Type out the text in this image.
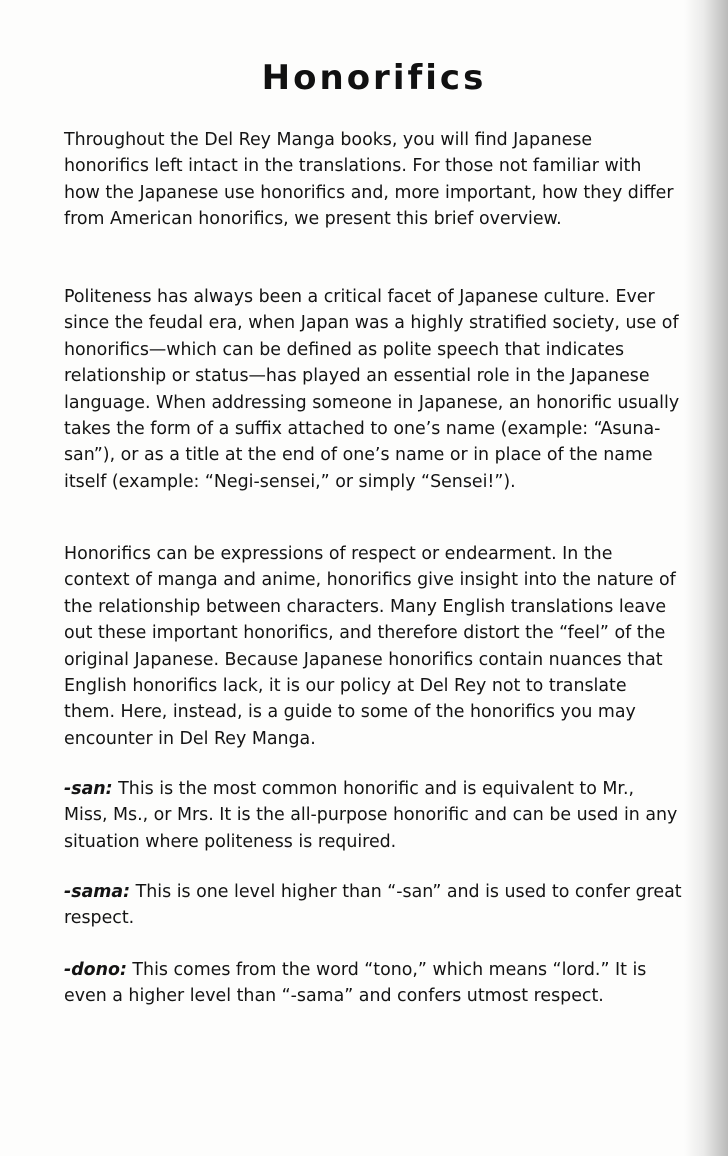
Honorifics

Throughout the Del Rey Manga books, you will find Japanese honorifics left intact in the translations. For those not familiar with how the Japanese use honorifics and, more important, how they differ from American honorifics, we present this brief overview.

Politeness has always been a critical facet of Japanese culture. Ever since the feudal era, when Japan was a highly stratified society, use of honorifics—which can be defined as polite speech that indicates relationship or status—has played an essential role in the Japanese language. When addressing someone in Japanese, an honorific usually takes the form of a suffix attached to one’s name (example: “Asuna-san”), or as a title at the end of one’s name or in place of the name itself (example: “Negi-sensei,” or simply “Sensei!”).

Honorifics can be expressions of respect or endearment. In the context of manga and anime, honorifics give insight into the nature of the relationship between characters. Many English translations leave out these important honorifics, and therefore distort the “feel” of the original Japanese. Because Japanese honorifics contain nuances that English honorifics lack, it is our policy at Del Rey not to translate them. Here, instead, is a guide to some of the honorifics you may encounter in Del Rey Manga.

-san: This is the most common honorific and is equivalent to Mr., Miss, Ms., or Mrs. It is the all-purpose honorific and can be used in any situation where politeness is required.

-sama: This is one level higher than “-san” and is used to confer great respect.

-dono: This comes from the word “tono,” which means “lord.” It is even a higher level than “-sama” and confers utmost respect.
